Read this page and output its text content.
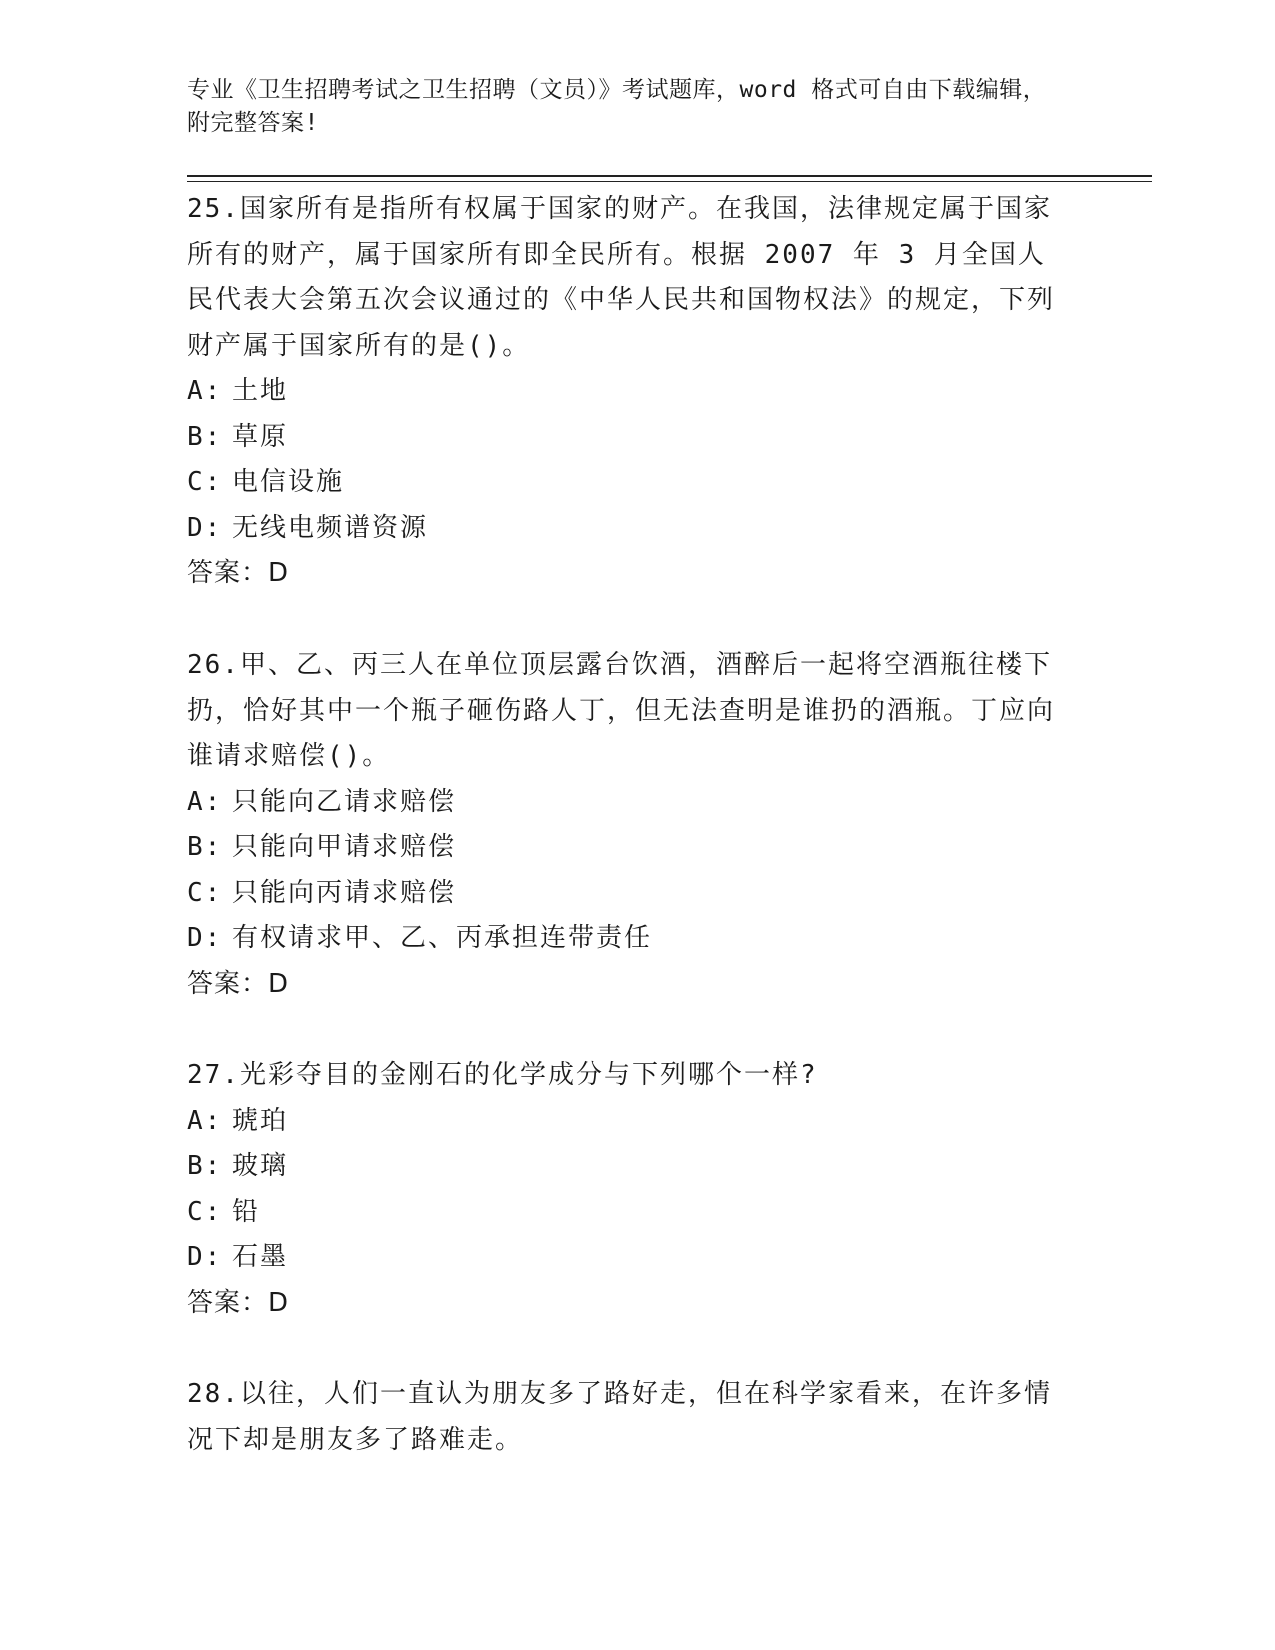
专业《卫生招聘考试之卫生招聘（文员）》考试题库，word 格式可自由下载编辑，附完整答案!

25.国家所有是指所有权属于国家的财产。在我国，法律规定属于国家所有的财产，属于国家所有即全民所有。根据 2007 年 3 月全国人民代表大会第五次会议通过的《中华人民共和国物权法》的规定，下列财产属于国家所有的是()。

A: 土地
B: 草原
C: 电信设施
D: 无线电频谱资源
答案：D

26.甲、乙、丙三人在单位顶层露台饮酒，酒醉后一起将空酒瓶往楼下扔，恰好其中一个瓶子砸伤路人丁，但无法查明是谁扔的酒瓶。丁应向谁请求赔偿()。

A: 只能向乙请求赔偿
B: 只能向甲请求赔偿
C: 只能向丙请求赔偿
D: 有权请求甲、乙、丙承担连带责任
答案：D

27.光彩夺目的金刚石的化学成分与下列哪个一样?

A: 琥珀
B: 玻璃
C: 铅
D: 石墨
答案：D

28.以往，人们一直认为朋友多了路好走，但在科学家看来，在许多情况下却是朋友多了路难走。
